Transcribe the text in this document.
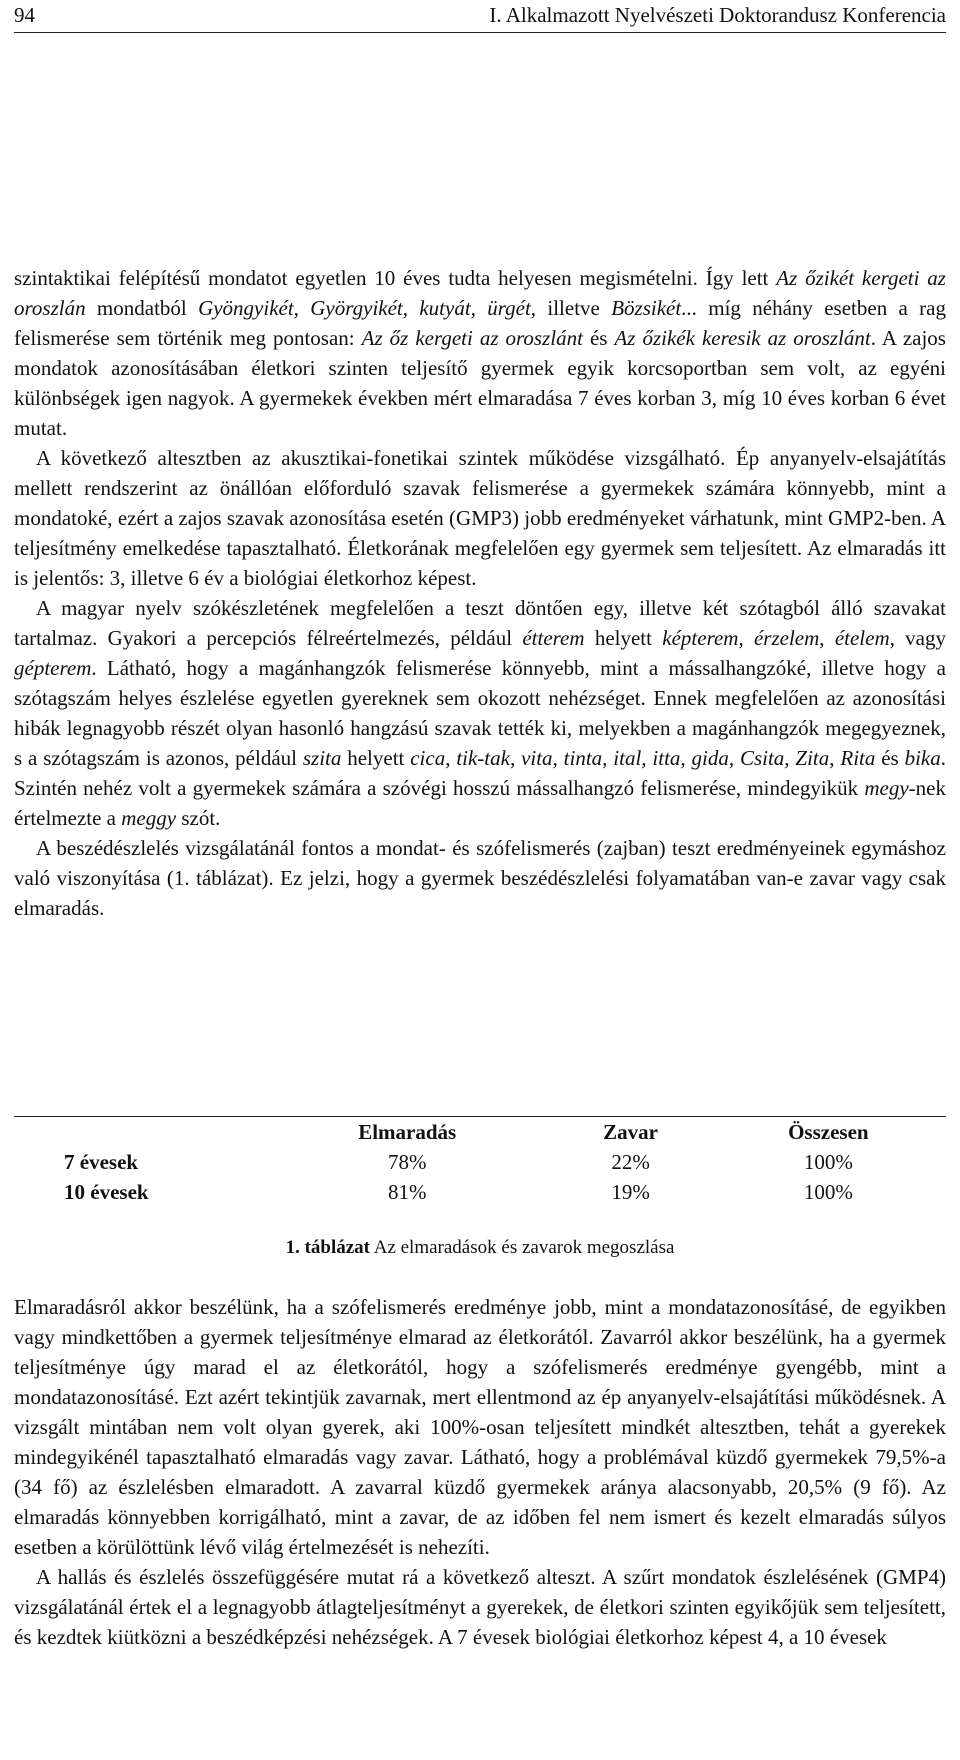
94	I. Alkalmazott Nyelvészeti Doktorandusz Konferencia

szintaktikai felépítésű mondatot egyetlen 10 éves tudta helyesen megismételni. Így lett Az őzikét kergeti az oroszlán mondatból Gyöngyikét, Györgyikét, kutyát, ürgét, illetve Bözsikét... míg néhány esetben a rag felismerése sem történik meg pontosan: Az őz kergeti az oroszlánt és Az őzikék keresik az oroszlánt. A zajos mondatok azonosításában életkori szinten teljesítő gyermek egyik korcsoportban sem volt, az egyéni különbségek igen nagyok. A gyermekek években mért elmaradása 7 éves korban 3, míg 10 éves korban 6 évet mutat.

A következő altesztben az akusztikai-fonetikai szintek működése vizsgálható. Ép anyanyelv-elsajátítás mellett rendszerint az önállóan előforduló szavak felismerése a gyermekek számára könnyebb, mint a mondatoké, ezért a zajos szavak azonosítása esetén (GMP3) jobb eredményeket várhatunk, mint GMP2-ben. A teljesítmény emelkedése tapasztalható. Életkorának megfelelően egy gyermek sem teljesített. Az elmaradás itt is jelentős: 3, illetve 6 év a biológiai életkorhoz képest.

A magyar nyelv szókészletének megfelelően a teszt döntően egy, illetve két szótagból álló szavakat tartalmaz. Gyakori a percepciós félreértelmezés, például étterem helyett képterem, érzelem, ételem, vagy gépterem. Látható, hogy a magánhangzók felismerése könnyebb, mint a mássalhangzóké, illetve hogy a szótagszám helyes észlelése egyetlen gyereknek sem okozott nehézséget. Ennek megfelelően az azonosítási hibák legnagyobb részét olyan hasonló hangzású szavak tették ki, melyekben a magánhangzók megegyeznek, s a szótagszám is azonos, például szita helyett cica, tik-tak, vita, tinta, ital, itta, gida, Csita, Zita, Rita és bika. Szintén nehéz volt a gyermekek számára a szóvégi hosszú mássalhangzó felismerése, mindegyikük megy-nek értelmezte a meggy szót.

A beszédészlelés vizsgálatánál fontos a mondat- és szófelismerés (zajban) teszt eredményeinek egymáshoz való viszonyítása (1. táblázat). Ez jelzi, hogy a gyermek beszédészlelési folyamatában van-e zavar vagy csak elmaradás.

	Elmaradás	Zavar	Összesen
7 évesek	78%	22%	100%
10 évesek	81%	19%	100%
1. táblázat Az elmaradások és zavarok megoszlása

Elmaradásról akkor beszélünk, ha a szófelismerés eredménye jobb, mint a mondatazonosításé, de egyikben vagy mindkettőben a gyermek teljesítménye elmarad az életkorától. Zavarról akkor beszélünk, ha a gyermek teljesítménye úgy marad el az életkorától, hogy a szófelismerés eredménye gyengébb, mint a mondatazonosításé. Ezt azért tekintjük zavarnak, mert ellentmond az ép anyanyelv-elsajátítási működésnek. A vizsgált mintában nem volt olyan gyerek, aki 100%-osan teljesített mindkét altesztben, tehát a gyerekek mindegyikénél tapasztalható elmaradás vagy zavar. Látható, hogy a problémával küzdő gyermekek 79,5%-a (34 fő) az észlelésben elmaradott. A zavarral küzdő gyermekek aránya alacsonyabb, 20,5% (9 fő). Az elmaradás könnyebben korrigálható, mint a zavar, de az időben fel nem ismert és kezelt elmaradás súlyos esetben a körülöttünk lévő világ értelmezését is nehezíti.

A hallás és észlelés összefüggésére mutat rá a következő alteszt. A szűrt mondatok észlelésének (GMP4) vizsgálatánál értek el a legnagyobb átlagteljesítményt a gyerekek, de életkori szinten egyikőjük sem teljesített, és kezdtek kiütközni a beszédképzési nehézségek. A 7 évesek biológiai életkorhoz képest 4, a 10 évesek
